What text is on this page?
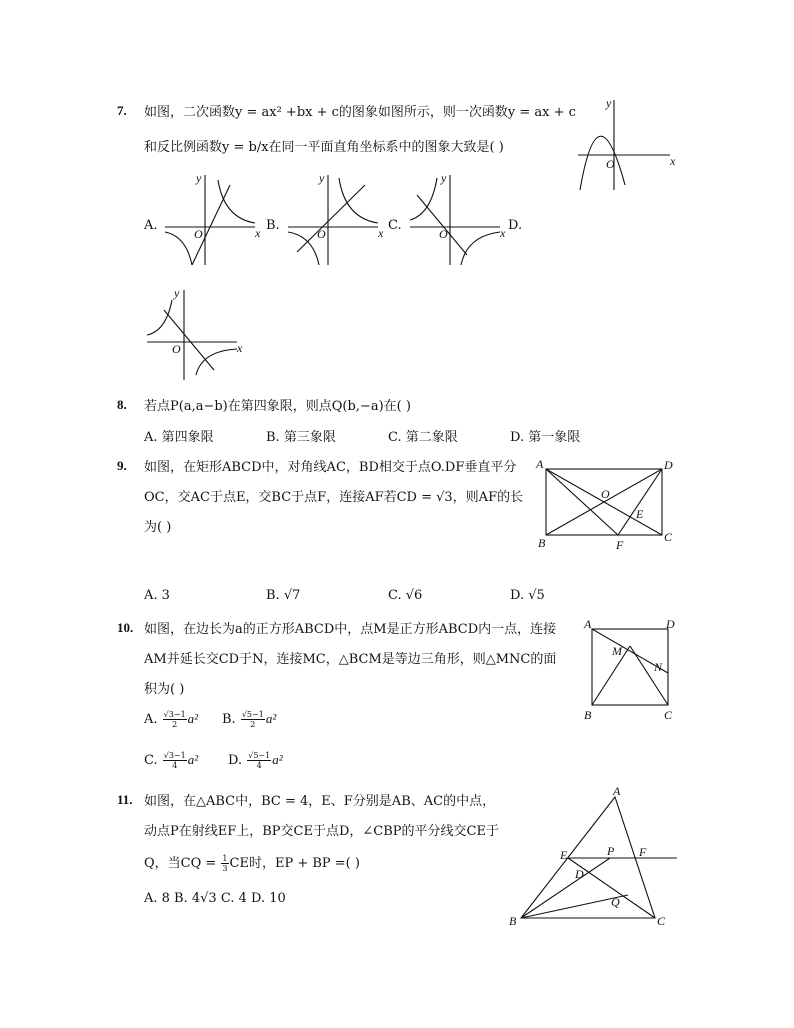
7. 如图，二次函数y = ax² +bx + c的图象如图所示，则一次函数y = ax + c
和反比例函数y = b/x在同一平面直角坐标系中的图象大致是( )
x
y
O
A.	x
y
O
B.	x
y
O
C.	x
y
O
D.
x
y
O
8. 若点P(a,a−b)在第四象限，则点Q(b,−a)在( )
A. 第四象限	B. 第三象限	C. 第二象限	D. 第一象限
9. 如图，在矩形ABCD中，对角线AC，BD相交于点O.DF垂直平分
OC，交AC于点E，交BC于点F，连接AF若CD = √3，则AF的长
为( )
A	D
B	C
O
E
F
A. 3	B. √7	C. √6	D. √5
10. 如图，在边长为a的正方形ABCD中，点M是正方形ABCD内一点，连接
AM并延长交CD于N，连接MC，△BCM是等边三角形，则△MNC的面
积为( )
A	D
B	C
M
N
A. $\frac{√3-1}{2} a^2$ B. $\frac{√5-1}{2} a^2$
C. $\frac{√3-1}{4} a^2$ D. $\frac{√5-1}{4} a^2$
11. 如图，在△ABC中，BC = 4，E、F分别是AB、AC的中点，
动点P在射线EF上，BP交CE于点D，∠CBP的平分线交CE于
Q，当CQ = $\frac{1}{3}$ CE时，EP + BP =( )
A. 8 B. 4√3 C. 4 D. 10
A
B	C
E	F
P
D
Q
